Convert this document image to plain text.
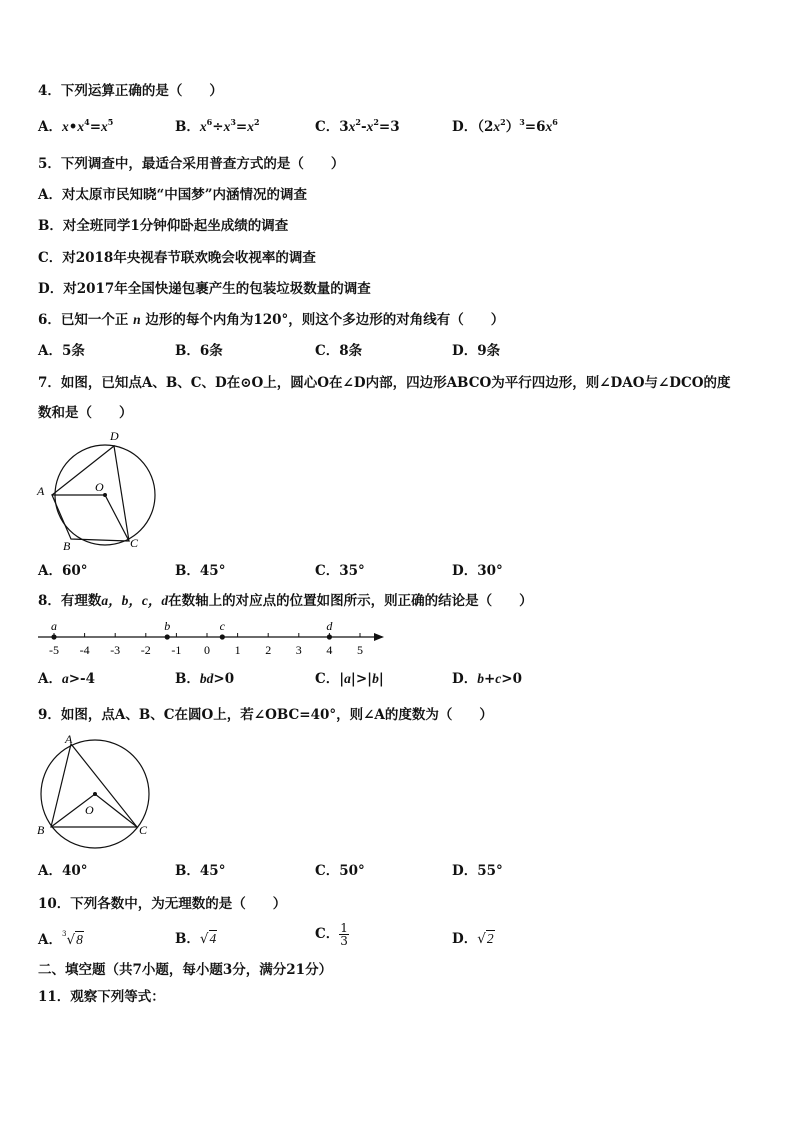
4．下列运算正确的是（　　）
A．$x•x^4=x^5$	B．$x^6\div x^3=x^2$	C．$3x^2-x^2=3$	D．$(2x^2)^3=6x^6$
5．下列调查中，最适合采用普查方式的是（　　）
A．对太原市民知晓“中国梦”内涵情况的调查
B．对全班同学1分钟仰卧起坐成绩的调查
C．对2018年央视春节联欢晚会收视率的调查
D．对2017年全国快递包裹产生的包装垃圾数量的调查
6．已知一个正 n 边形的每个内角为120°，则这个多边形的对角线有（　　）
A．5条	B．6条	C．8条	D．9条
7．如图，已知点A、B、C、D在⊙O上，圆心O在∠D内部，四边形ABCO为平行四边形，则∠DAO与∠DCO的度
数和是（　　）
D
A	O
B	C
A．60°	B．45°	C．35°	D．30°
8．有理数a，b，c，d在数轴上的对应点的位置如图所示，则正确的结论是（　　）
-5 -4 -3 -2 -1 0 1 2 3 4 5
a	b	c	d
A．a>-4	B．bd>0	C．|a|>|b|	D．b+c>0
9．如图，点A、B、C在圆O上，若∠OBC=40°，则∠A的度数为（　　）
A
O
B	C
A．40°	B．45°	C．50°	D．55°
10．下列各数中，为无理数的是（　　）
A．$^3$√8	B．√4	C． $\frac{1}{3}$	D．√2
二、填空题（共7小题，每小题3分，满分21分）
11．观察下列等式：
